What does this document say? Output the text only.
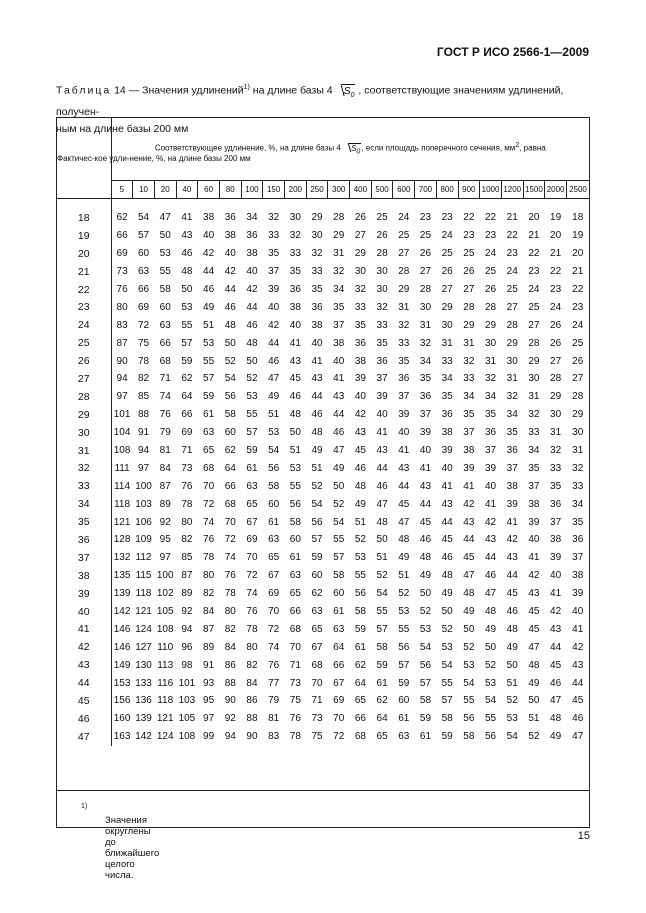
ГОСТ Р ИСО 2566-1—2009
Таблица 14 — Значения удлинений$^{1)}$ на длине базы 4 $S_0$ , соответствующие значениям удлинений, получен-
ным на длине базы 200 мм
Фактичес-кое удли-нение, %, на длине базы 200 мм	Соответствующее удлинение, %, на длине базы 4 $S_0$, если площадь поперечного сечения, $мм^2$, равна																					
	5	10	20	40	60	80	100	150	200	250	300	400	500	600	700	800	900	1000	1200	1500	2000	2500

18	62	54	47	41	38	36	34	32	30	29	28	26	25	24	23	23	22	22	21	20	19	18
19	66	57	50	43	40	38	36	33	32	30	29	27	26	25	25	24	23	23	22	21	20	19
20	69	60	53	46	42	40	38	35	33	32	31	29	28	27	26	25	25	24	23	22	21	20
21	73	63	55	48	44	42	40	37	35	33	32	30	30	28	27	26	26	25	24	23	22	21
22	76	66	58	50	46	44	42	39	36	35	34	32	30	29	28	27	27	26	25	24	23	22
23	80	69	60	53	49	46	44	40	38	36	35	33	32	31	30	29	28	28	27	25	24	23
24	83	72	63	55	51	48	46	42	40	38	37	35	33	32	31	30	29	29	28	27	26	24
25	87	75	66	57	53	50	48	44	41	40	38	36	35	33	32	31	31	30	29	28	26	25
26	90	78	68	59	55	52	50	46	43	41	40	38	36	35	34	33	32	31	30	29	27	26
27	94	82	71	62	57	54	52	47	45	43	41	39	37	36	35	34	33	32	31	30	28	27
28	97	85	74	64	59	56	53	49	46	44	43	40	39	37	36	35	34	34	32	31	29	28
29	101	88	76	66	61	58	55	51	48	46	44	42	40	39	37	36	35	35	34	32	30	29
30	104	91	79	69	63	60	57	53	50	48	46	43	41	40	39	38	37	36	35	33	31	30
31	108	94	81	71	65	62	59	54	51	49	47	45	43	41	40	39	38	37	36	34	32	31
32	111	97	84	73	68	64	61	56	53	51	49	46	44	43	41	40	39	39	37	35	33	32
33	114	100	87	76	70	66	63	58	55	52	50	48	46	44	43	41	41	40	38	37	35	33
34	118	103	89	78	72	68	65	60	56	54	52	49	47	45	44	43	42	41	39	38	36	34
35	121	106	92	80	74	70	67	61	58	56	54	51	48	47	45	44	43	42	41	39	37	35
36	128	109	95	82	76	72	69	63	60	57	55	52	50	48	46	45	44	43	42	40	38	36
37	132	112	97	85	78	74	70	65	61	59	57	53	51	49	48	46	45	44	43	41	39	37
38	135	115	100	87	80	76	72	67	63	60	58	55	52	51	49	48	47	46	44	42	40	38
39	139	118	102	89	82	78	74	69	65	62	60	56	54	52	50	49	48	47	45	43	41	39
40	142	121	105	92	84	80	76	70	66	63	61	58	55	53	52	50	49	48	46	45	42	40
41	146	124	108	94	87	82	78	72	68	65	63	59	57	55	53	52	50	49	48	45	43	41
42	146	127	110	96	89	84	80	74	70	67	64	61	58	56	54	53	52	50	49	47	44	42
43	149	130	113	98	91	86	82	76	71	68	66	62	59	57	56	54	53	52	50	48	45	43
44	153	133	116	101	93	88	84	77	73	70	67	64	61	59	57	55	54	53	51	49	46	44
45	156	136	118	103	95	90	86	79	75	71	69	65	62	60	58	57	55	54	52	50	47	45
46	160	139	121	105	97	92	88	81	76	73	70	66	64	61	59	58	56	55	53	51	48	46
47	163	142	124	108	99	94	90	83	78	75	72	68	65	63	61	59	58	56	54	52	49	47
$^{1)}$
Значения округлены до ближайшего целого числа.
15
